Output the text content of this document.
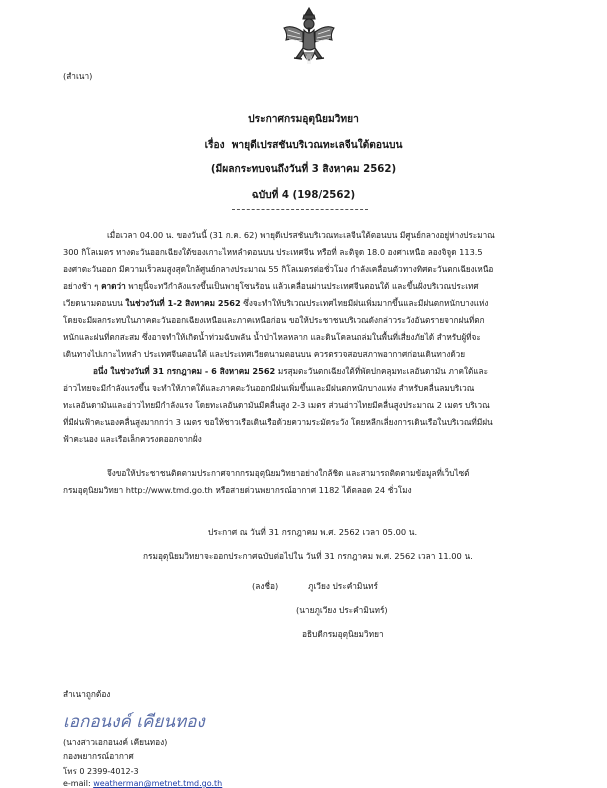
(สำเนา)
ประกาศกรมอุตุนิยมวิทยา
เรื่อง พายุดีเปรสชันบริเวณทะเลจีนใต้ตอนบน
(มีผลกระทบจนถึงวันที่ 3 สิงหาคม 2562)
ฉบับที่ 4 (198/2562)
เมื่อเวลา 04.00 น. ของวันนี้ (31 ก.ค. 62) พายุดีเปรสชันบริเวณทะเลจีนใต้ตอนบน มีศูนย์กลางอยู่ห่างประมาณ
300 กิโลเมตร ทางตะวันออกเฉียงใต้ของเกาะไหหลำตอนบน ประเทศจีน หรือที่ ละติจูด 18.0 องศาเหนือ ลองจิจูด 113.5
องศาตะวันออก มีความเร็วลมสูงสุดใกล้ศูนย์กลางประมาณ 55 กิโลเมตรต่อชั่วโมง กำลังเคลื่อนตัวทางทิศตะวันตกเฉียงเหนือ
อย่างช้า ๆ คาดว่า พายุนี้จะทวีกำลังแรงขึ้นเป็นพายุโซนร้อน แล้วเคลื่อนผ่านประเทศจีนตอนใต้ และขึ้นฝั่งบริเวณประเทศ
เวียดนามตอนบน ในช่วงวันที่ 1-2 สิงหาคม 2562 ซึ่งจะทำให้บริเวณประเทศไทยมีฝนเพิ่มมากขึ้นและมีฝนตกหนักบางแห่ง
โดยจะมีผลกระทบในภาคตะวันออกเฉียงเหนือและภาคเหนือก่อน ขอให้ประชาชนบริเวณดังกล่าวระวังอันตรายจากฝนที่ตก
หนักและฝนที่ตกสะสม ซึ่งอาจทำให้เกิดน้ำท่วมฉับพลัน น้ำป่าไหลหลาก และดินโคลนถล่มในพื้นที่เสี่ยงภัยได้ สำหรับผู้ที่จะ
เดินทางไปเกาะไหหลำ ประเทศจีนตอนใต้ และประเทศเวียดนามตอนบน ควรตรวจสอบสภาพอากาศก่อนเดินทางด้วย
อนึ่ง ในช่วงวันที่ 31 กรกฎาคม - 6 สิงหาคม 2562 มรสุมตะวันตกเฉียงใต้ที่พัดปกคลุมทะเลอันดามัน ภาคใต้และ
อ่าวไทยจะมีกำลังแรงขึ้น จะทำให้ภาคใต้และภาคตะวันออกมีฝนเพิ่มขึ้นและมีฝนตกหนักบางแห่ง สำหรับคลื่นลมบริเวณ
ทะเลอันดามันและอ่าวไทยมีกำลังแรง โดยทะเลอันดามันมีคลื่นสูง 2-3 เมตร ส่วนอ่าวไทยมีคลื่นสูงประมาณ 2 เมตร บริเวณ
ที่มีฝนฟ้าคะนองคลื่นสูงมากกว่า 3 เมตร ขอให้ชาวเรือเดินเรือด้วยความระมัดระวัง โดยหลีกเลี่ยงการเดินเรือในบริเวณที่มีฝน
ฟ้าคะนอง และเรือเล็กควรงดออกจากฝั่ง
จึงขอให้ประชาชนติดตามประกาศจากกรมอุตุนิยมวิทยาอย่างใกล้ชิด และสามารถติดตามข้อมูลที่เว็บไซต์
กรมอุตุนิยมวิทยา http://www.tmd.go.th หรือสายด่วนพยากรณ์อากาศ 1182 ได้ตลอด 24 ชั่วโมง
ประกาศ ณ วันที่ 31 กรกฎาคม พ.ศ. 2562 เวลา 05.00 น.
กรมอุตุนิยมวิทยาจะออกประกาศฉบับต่อไปใน วันที่ 31 กรกฎาคม พ.ศ. 2562 เวลา 11.00 น.
(ลงชื่อ)	ภูเวียง ประคำมินทร์
(นายภูเวียง ประคำมินทร์)
อธิบดีกรมอุตุนิยมวิทยา
สำเนาถูกต้อง
เอกอนงค์ เคียนทอง
(นางสาวเอกอนงค์ เคียนทอง)
กองพยากรณ์อากาศ
โทร 0 2399-4012-3
e-mail: weatherman@metnet.tmd.go.th
